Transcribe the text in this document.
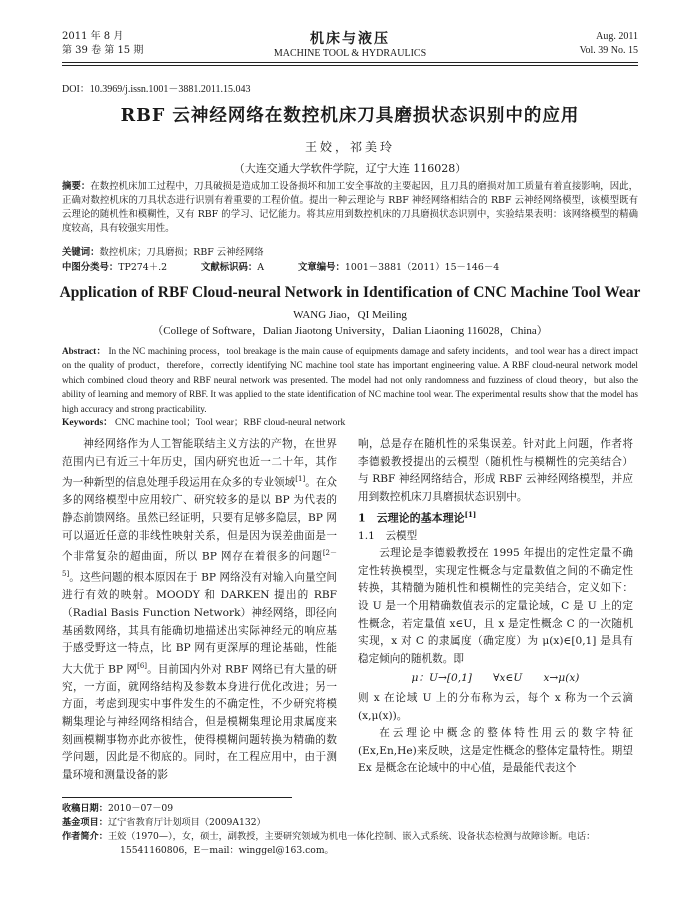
2011 年 8 月
第 39 卷 第 15 期
机床与液压
MACHINE TOOL & HYDRAULICS
Aug. 2011
Vol. 39 No. 15
DOI：10.3969/j.issn.1001－3881.2011.15.043
RBF 云神经网络在数控机床刀具磨损状态识别中的应用
王姣，祁美玲
（大连交通大学软件学院，辽宁大连 116028）
摘要：在数控机床加工过程中，刀具破损是造成加工设备损坏和加工安全事故的主要起因，且刀具的磨损对加工质量有着直接影响，因此，正确对数控机床的刀具状态进行识别有着重要的工程价值。提出一种云理论与 RBF 神经网络相结合的 RBF 云神经网络模型，该模型既有云理论的随机性和模糊性，又有 RBF 的学习、记忆能力。将其应用到数控机床的刀具磨损状态识别中，实验结果表明：该网络模型的精确度较高，具有较强实用性。
关键词：数控机床；刀具磨损；RBF 云神经网络
中图分类号：TP274＋.2	文献标识码：A	文章编号：1001－3881（2011）15－146－4
Application of RBF Cloud-neural Network in Identification of CNC Machine Tool Wear
WANG Jiao，QI Meiling
（College of Software，Dalian Jiaotong University，Dalian Liaoning 116028，China）
Abstract： In the NC machining process，tool breakage is the main cause of equipments damage and safety incidents，and tool wear has a direct impact on the quality of product，therefore，correctly identifying NC machine tool state has important engineering value. A RBF cloud-neural network model which combined cloud theory and RBF neural network was presented. The model had not only randomness and fuzziness of cloud theory，but also the ability of learning and memory of RBF. It was applied to the state identification of NC machine tool wear. The experimental results show that the model has high accuracy and strong practicability.
Keywords： CNC machine tool；Tool wear；RBF cloud-neural network

神经网络作为人工智能联结主义方法的产物，在世界范围内已有近三十年历史，国内研究也近一二十年，其作为一种新型的信息处理手段运用在众多的专业领域[1]。在众多的网络模型中应用较广、研究较多的是以 BP 为代表的静态前馈网络。虽然已经证明，只要有足够多隐层，BP 网可以逼近任意的非线性映射关系，但是因为误差曲面是一个非常复杂的超曲面，所以 BP 网存在着很多的问题[2－5]。这些问题的根本原因在于 BP 网络没有对输入向量空间进行有效的映射。MOODY 和 DARKEN 提出的 RBF（Radial Basis Function Network）神经网络，即径向基函数网络，其具有能确切地描述出实际神经元的响应基于感受野这一特点，比 BP 网有更深厚的理论基础，性能大大优于 BP 网[6]。目前国内外对 RBF 网络已有大量的研究，一方面，就网络结构及参数本身进行优化改进；另一方面，考虑到现实中事件发生的不确定性，不少研究将模糊集理论与神经网络相结合，但是模糊集理论用隶属度来刻画模糊事物亦此亦彼性，使得模糊问题转换为精确的数学问题，因此是不彻底的。同时，在工程应用中，由于测量环境和测量设备的影

响，总是存在随机性的采集误差。针对此上问题，作者将李德毅教授提出的云模型（随机性与模糊性的完美结合）与 RBF 神经网络结合，形成 RBF 云神经网络模型，并应用到数控机床刀具磨损状态识别中。

1　云理论的基本理论[1]
1.1　云模型

云理论是李德毅教授在 1995 年提出的定性定量不确定性转换模型，实现定性概念与定量数值之间的不确定性转换，其精髓为随机性和模糊性的完美结合，定义如下：设 U 是一个用精确数值表示的定量论域，C 是 U 上的定性概念，若定量值 x∈U，且 x 是定性概念 C 的一次随机实现，x 对 C 的隶属度（确定度）为 μ(x)∈[0,1] 是具有稳定倾向的随机数。即

μ：U→[0,1]　　∀x∈U　　x→μ(x)

则 x 在论域 U 上的分布称为云，每个 x 称为一个云滴(x,μ(x))。

在云理论中概念的整体特性用云的数字特征(Ex,En,He)来反映，这是定性概念的整体定量特性。期望 Ex 是概念在论域中的中心值，是最能代表这个

收稿日期：2010－07－09
基金项目：辽宁省教育厅计划项目（2009A132）
作者简介：王姣（1970—），女，硕士，副教授，主要研究领域为机电一体化控制、嵌入式系统、设备状态检测与故障诊断。电话：15541160806，E－mail：winggel@163.com。
